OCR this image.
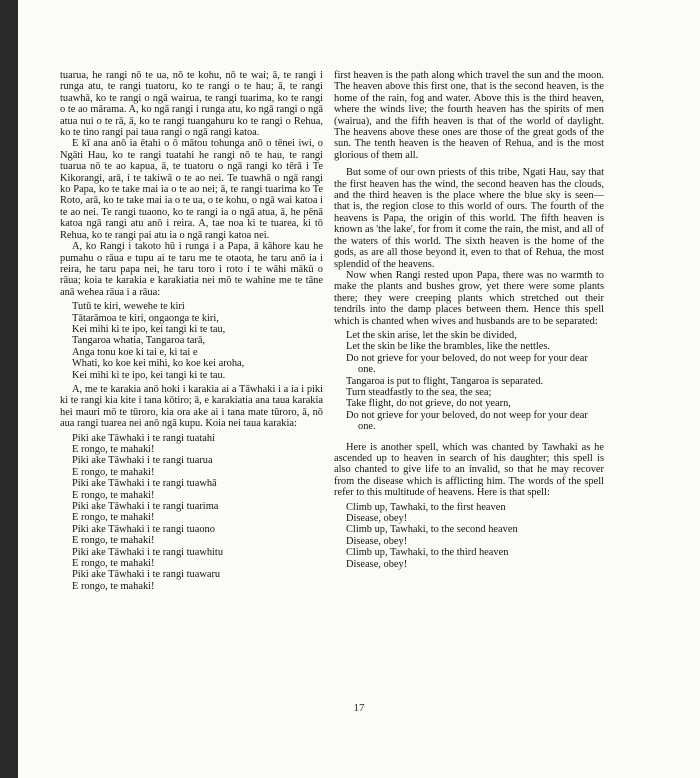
tuarua, he rangi nō te ua, nō te kohu, nō te wai; ā, te rangi i runga atu, te rangi tuatoru, ko te rangi o te hau; ā, te rangi tuawhā, ko te rangi o ngā wairua, te rangi tuarima, ko te rangi o te ao mārama. A, ko ngā rangi i runga atu, ko ngā rangi o ngā atua nui o te rā, ā, ko te rangi tuangahuru ko te rangi o Rehua, ko te tino rangi pai taua rangi o ngā rangi katoa.

E kī ana anō ia ētahi o ō mātou tohunga anō o tēnei iwi, o Ngāti Hau, ko te rangi tuatahi he rangi nō te hau, te rangi tuarua nō te ao kapua, ā, te tuatoru o ngā rangi ko tērā i Te Kikorangi, arā, i te takiwā o te ao nei. Te tuawhā o ngā rangi ko Papa, ko te take mai ia o te ao nei; ā, te rangi tuarima ko Te Roto, arā, ko te take mai ia o te ua, o te kohu, o ngā wai katoa i te ao nei. Te rangi tuaono, ko te rangi ia o ngā atua, ā, he pēnā katoa ngā rangi atu anō i reira. A, tae noa ki te tuarea, ki tō Rehua, ko te rangi pai atu ia o ngā rangi katoa nei.

A, ko Rangi i takoto hū i runga i a Papa, ā kāhore kau he pumahu o rāua e tupu ai te taru me te otaota, he taru anō ia i reira, he taru papa nei, he taru toro i roto i te wāhi mākū o rāua; koia te karakia e karakiatia nei mō te wahine me te tāne anā wehea rāua i a rāua:

Tutū te kiri, wewehe te kiri
Tātarāmoa te kiri, ongaonga te kiri,
Kei mihi ki te ipo, kei tangi ki te tau,
Tangaroa whatia, Tangaroa tarā,
Anga tonu koe ki tai e, ki tai e
Whati, ko koe kei mihi, ko koe kei aroha,
Kei mihi ki te ipo, kei tangi ki te tau.

A, me te karakia anō hoki i karakia ai a Tāwhaki i a ia i piki ki te rangi kia kite i tana kōtiro; ā, e karakiatia ana taua karakia hei mauri mō te tūroro, kia ora ake ai i tana mate tūroro, ā, nō aua rangi tuarea nei anō ngā kupu. Koia nei taua karakia:

Piki ake Tāwhaki i te rangi tuatahi
E rongo, te mahaki!
Piki ake Tāwhaki i te rangi tuarua
E rongo, te mahaki!
Piki ake Tāwhaki i te rangi tuawhā
E rongo, te mahaki!
Piki ake Tāwhaki i te rangi tuarima
E rongo, te mahaki!
Piki ake Tāwhaki i te rangi tuaono
E rongo, te mahaki!
Piki ake Tāwhaki i te rangi tuawhitu
E rongo, te mahaki!
Piki ake Tāwhaki i te rangi tuawaru
E rongo, te mahaki!

first heaven is the path along which travel the sun and the moon. The heaven above this first one, that is the second heaven, is the home of the rain, fog and water. Above this is the third heaven, where the winds live; the fourth heaven has the spirits of men (wairua), and the fifth heaven is that of the world of daylight. The heavens above these ones are those of the great gods of the sun. The tenth heaven is the heaven of Rehua, and is the most glorious of them all.

But some of our own priests of this tribe, Ngati Hau, say that the first heaven has the wind, the second heaven has the clouds, and the third heaven is the place where the blue sky is seen—that is, the region close to this world of ours. The fourth of the heavens is Papa, the origin of this world. The fifth heaven is known as 'the lake', for from it come the rain, the mist, and all of the waters of this world. The sixth heaven is the home of the gods, as are all those beyond it, even to that of Rehua, the most splendid of the heavens.

Now when Rangi rested upon Papa, there was no warmth to make the plants and bushes grow, yet there were some plants there; they were creeping plants which stretched out their tendrils into the damp places between them. Hence this spell which is chanted when wives and husbands are to be separated:

Let the skin arise, let the skin be divided,
Let the skin be like the brambles, like the nettles.
Do not grieve for your beloved, do not weep for your dear one.
Tangaroa is put to flight, Tangaroa is separated.
Turn steadfastly to the sea, the sea;
Take flight, do not grieve, do not yearn,
Do not grieve for your beloved, do not weep for your dear one.

Here is another spell, which was chanted by Tawhaki as he ascended up to heaven in search of his daughter; this spell is also chanted to give life to an invalid, so that he may recover from the disease which is afflicting him. The words of the spell refer to this multitude of heavens. Here is that spell:

Climb up, Tawhaki, to the first heaven
Disease, obey!
Climb up, Tawhaki, to the second heaven
Disease, obey!
Climb up, Tawhaki, to the third heaven
Disease, obey!
17
